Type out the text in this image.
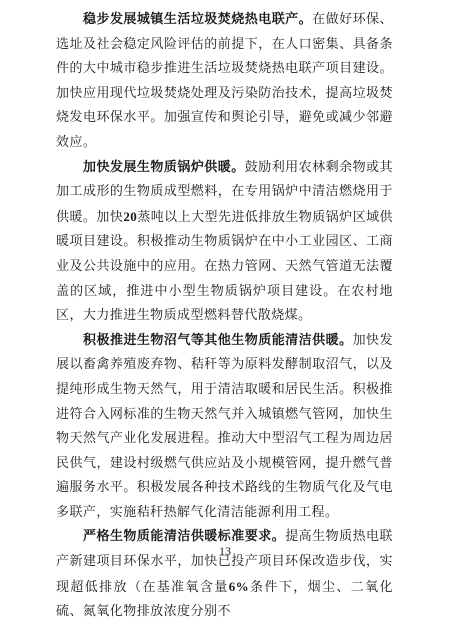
稳步发展城镇生活垃圾焚烧热电联产。在做好环保、选址及社会稳定风险评估的前提下，在人口密集、具备条件的大中城市稳步推进生活垃圾焚烧热电联产项目建设。加快应用现代垃圾焚烧处理及污染防治技术，提高垃圾焚烧发电环保水平。加强宣传和舆论引导，避免或减少邻避效应。

加快发展生物质锅炉供暖。鼓励利用农林剩余物或其加工成形的生物质成型燃料，在专用锅炉中清洁燃烧用于供暖。加快20蒸吨以上大型先进低排放生物质锅炉区域供暖项目建设。积极推动生物质锅炉在中小工业园区、工商业及公共设施中的应用。在热力管网、天然气管道无法覆盖的区域，推进中小型生物质锅炉项目建设。在农村地区，大力推进生物质成型燃料替代散烧煤。

积极推进生物沼气等其他生物质能清洁供暖。加快发展以畜禽养殖废弃物、秸秆等为原料发酵制取沼气，以及提纯形成生物天然气，用于清洁取暖和居民生活。积极推进符合入网标准的生物天然气并入城镇燃气管网，加快生物天然气产业化发展进程。推动大中型沼气工程为周边居民供气，建设村级燃气供应站及小规模管网，提升燃气普遍服务水平。积极发展各种技术路线的生物质气化及气电多联产，实施秸秆热解气化清洁能源利用工程。

严格生物质能清洁供暖标准要求。提高生物质热电联产新建项目环保水平，加快已投产项目环保改造步伐，实现超低排放（在基准氧含量6%条件下，烟尘、二氧化硫、氮氧化物排放浓度分别不

13
